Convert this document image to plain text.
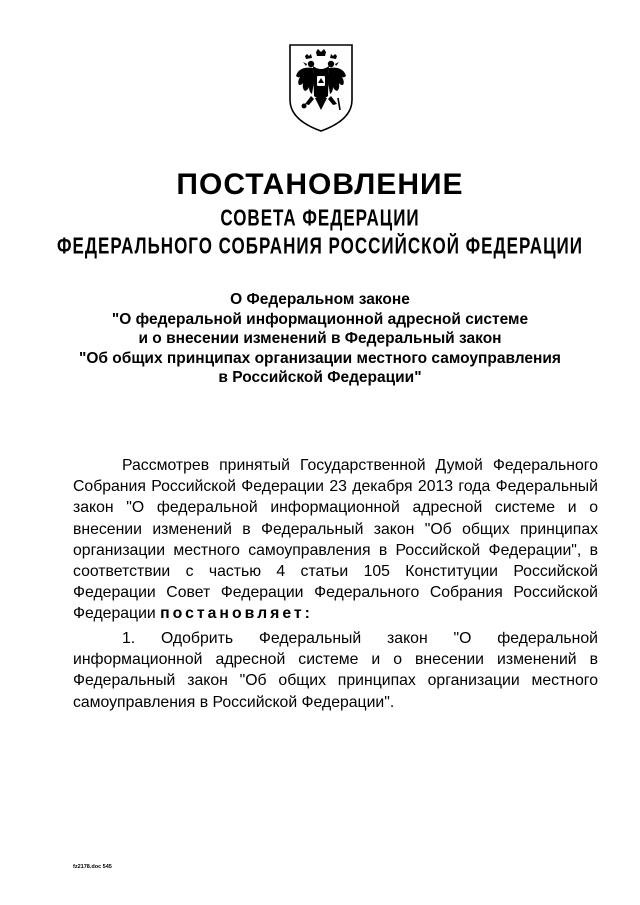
ПОСТАНОВЛЕНИЕ
СОВЕТА ФЕДЕРАЦИИ
ФЕДЕРАЛЬНОГО СОБРАНИЯ РОССИЙСКОЙ ФЕДЕРАЦИИ
О Федеральном законе
"О федеральной информационной адресной системе
и о внесении изменений в Федеральный закон
"Об общих принципах организации местного самоуправления
в Российской Федерации"
Рассмотрев принятый Государственной Думой Федерального Собрания Российской Федерации 23 декабря 2013 года Федеральный закон "О федеральной информационной адресной системе и о внесении изменений в Федеральный закон "Об общих принципах организации местного самоуправления в Российской Федерации", в соответствии с частью 4 статьи 105 Конституции Российской Федерации Совет Федерации Федерального Собрания Российской Федерации постановляет:
1. Одобрить Федеральный закон "О федеральной информационной адресной системе и о внесении изменений в Федеральный закон "Об общих принципах организации местного самоуправления в Российской Федерации".
fz2178.doc 545
